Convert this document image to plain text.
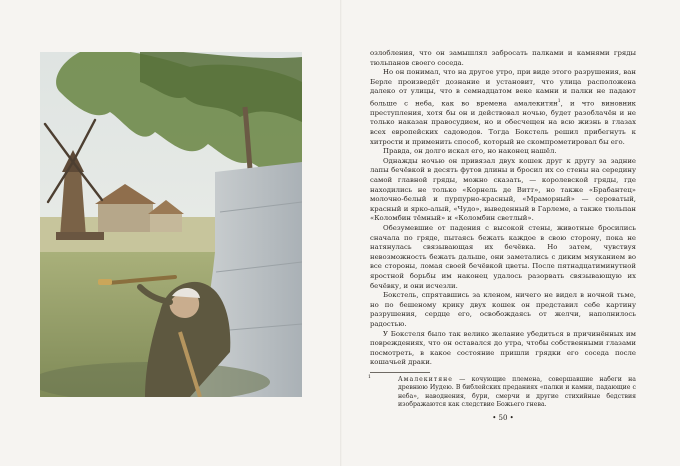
озлобления, что он замышлял забросать палками и камнями гряды тюльпанов своего соседа.

Но он понимал, что на другое утро, при виде этого разрушения, ван Берле произведёт дознание и установит, что улица расположена далеко от улицы, что в семнадцатом веке камни и палки не падают больше с неба, как во времена амалекитян$^1$, и что виновник преступления, хотя бы он и действовал ночью, будет разоблачён и не только наказан правосудием, но и обесчещен на всю жизнь в глазах всех европейских садоводов. Тогда Бокстель решил прибегнуть к хитрости и применить способ, который не скомпрометировал бы его.

Правда, он долго искал его, но наконец нашёл.

Однажды ночью он привязал двух кошек друг к другу за задние лапы бечёвкой в десять футов длины и бросил их со стены на середину самой главной гряды, можно сказать, — королевской гряды, где находились не только «Корнель де Витт», но также «Брабантец» молочно-белый и пурпурно-красный, «Мраморный» — сероватый, красный и ярко-алый, «Чудо», выведенный в Гарлеме, а также тюльпан «Коломбин тёмный» и «Коломбин светлый».

Обезумевшие от падения с высокой стены, животные бросились сначала по гряде, пытаясь бежать каждое в свою сторону, пока не натянулась связывающая их бечёвка. Но затем, чувствуя невозможность бежать дальше, они заметались с диким мяуканием во все стороны, ломая своей бечёвкой цветы. После пятнадцатиминутной яростной борьбы им наконец удалось разорвать связывающую их бечёвку, и они исчезли.

Бокстель, спрятавшись за кленом, ничего не видел в ночной тьме, но по бешеному крику двух кошек он представил себе картину разрушения, сердце его, освобождаясь от желчи, наполнилось радостью.

У Бокстеля было так велико желание убедиться в причинённых им повреждениях, что он оставался до утра, чтобы собственными глазами посмотреть, в какое состояние пришли грядки его соседа после кошачьей драки.

1	Амалекитяне — кочующие племена, совершавшие набеги на древнюю Иудею. В библейских преданиях «палки и камни, падающие с неба», наводнения, бури, смерчи и другие стихийные бедствия изображаются как следствие Божьего гнева.
• 50 •
